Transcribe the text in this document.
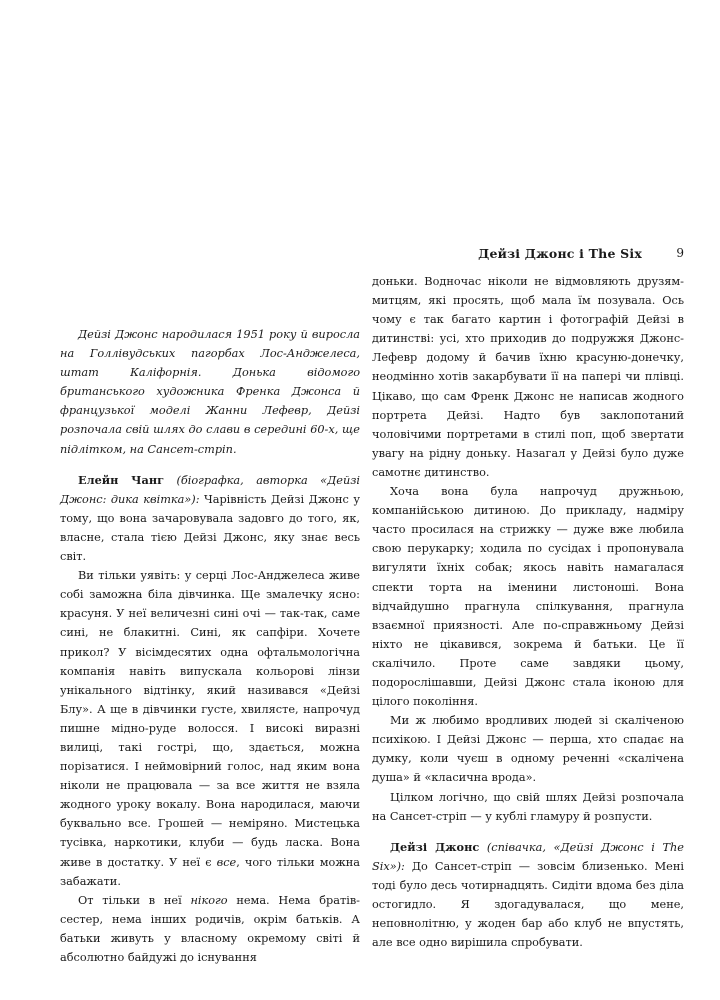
Дейзі Джонс і The Six	9

Дейзі Джонс народилася 1951 року й виросла на Голлівудських пагорбах Лос-Анджелеса, штат Каліфорнія. Донька відомого британського художника Френка Джонса й французької моделі Жанни Лефевр, Дейзі розпочала свій шлях до слави в середині 60-х, ще підлітком, на Сансет-стріп.

Елейн Чанг (біографка, авторка «Дейзі Джонс: дика квітка»): Чарівність Дейзі Джонс у тому, що вона зачаровувала задовго до того, як, власне, стала тією Дейзі Джонс, яку знає весь світ.

Ви тільки уявіть: у серці Лос-Анджелеса живе собі заможна біла дівчинка. Ще змалечку ясно: красуня. У неї величезні сині очі — так-так, саме сині, не блакитні. Сині, як сапфіри. Хочете прикол? У вісімдесятих одна офтальмологічна компанія навіть випускала кольорові лінзи унікального відтінку, який називався «Дейзі Блу». А ще в дівчинки густе, хвилясте, напрочуд пишне мідно-руде волосся. І високі виразні вилиці, такі гострі, що, здається, можна порізатися. І неймовірний голос, над яким вона ніколи не працювала — за все життя не взяла жодного уроку вокалу. Вона народилася, маючи буквально все. Грошей — немірянo. Мистецька тусівка, наркотики, клуби — будь ласка. Вона живе в достатку. У неї є все, чого тільки можна забажати.

От тільки в неї нікого нема. Нема братів-сестер, нема інших родичів, окрім батьків. А батьки живуть у власному окремому світі й абсолютно байдужі до існування

доньки. Водночас ніколи не відмовляють друзям-митцям, які просять, щоб мала їм позувала. Ось чому є так багато картин і фотографій Дейзі в дитинстві: усі, хто приходив до подружжя Джонс-Лефевр додому й бачив їхню красуню-донечку, неодмінно хотів закарбувати її на папері чи плівці. Цікаво, що сам Френк Джонс не написав жодного портрета Дейзі. Надто був заклопотаний чоловічими портретами в стилі поп, щоб звертати увагу на рідну доньку. Назагал у Дейзі було дуже самотнє дитинство.

Хоча вона була напрочуд дружньою, компанійською дитиною. До прикладу, надміру часто просилася на стрижку — дуже вже любила свою перукарку; ходила по сусідах і пропонувала вигуляти їхніх собак; якось навіть намагалася спекти торта на іменини листоноші. Вона відчайдушно прагнула спілкування, прагнула взаємної приязності. Але по-справжньому Дейзі ніхто не цікавився, зокрема й батьки. Це її скалічило. Проте саме завдяки цьому, подорослішавши, Дейзі Джонс стала іконою для цілого покоління.

Ми ж любимо вродливих людей зі скаліченою психікою. І Дейзі Джонс — перша, хто спадає на думку, коли чуєш в одному реченні «скалічена душа» й «класична врода».

Цілком логічно, що свій шлях Дейзі розпочала на Сансет-стріп — у кублі гламуру й розпусти.

Дейзі Джонс (співачка, «Дейзі Джонс і The Six»): До Сансет-стріп — зовсім близенько. Мені тоді було десь чотирнадцять. Сидіти вдома без діла остогидло. Я здогадувалася, що мене, неповнолітню, у жоден бар або клуб не впустять, але все одно вирішила спробувати.
